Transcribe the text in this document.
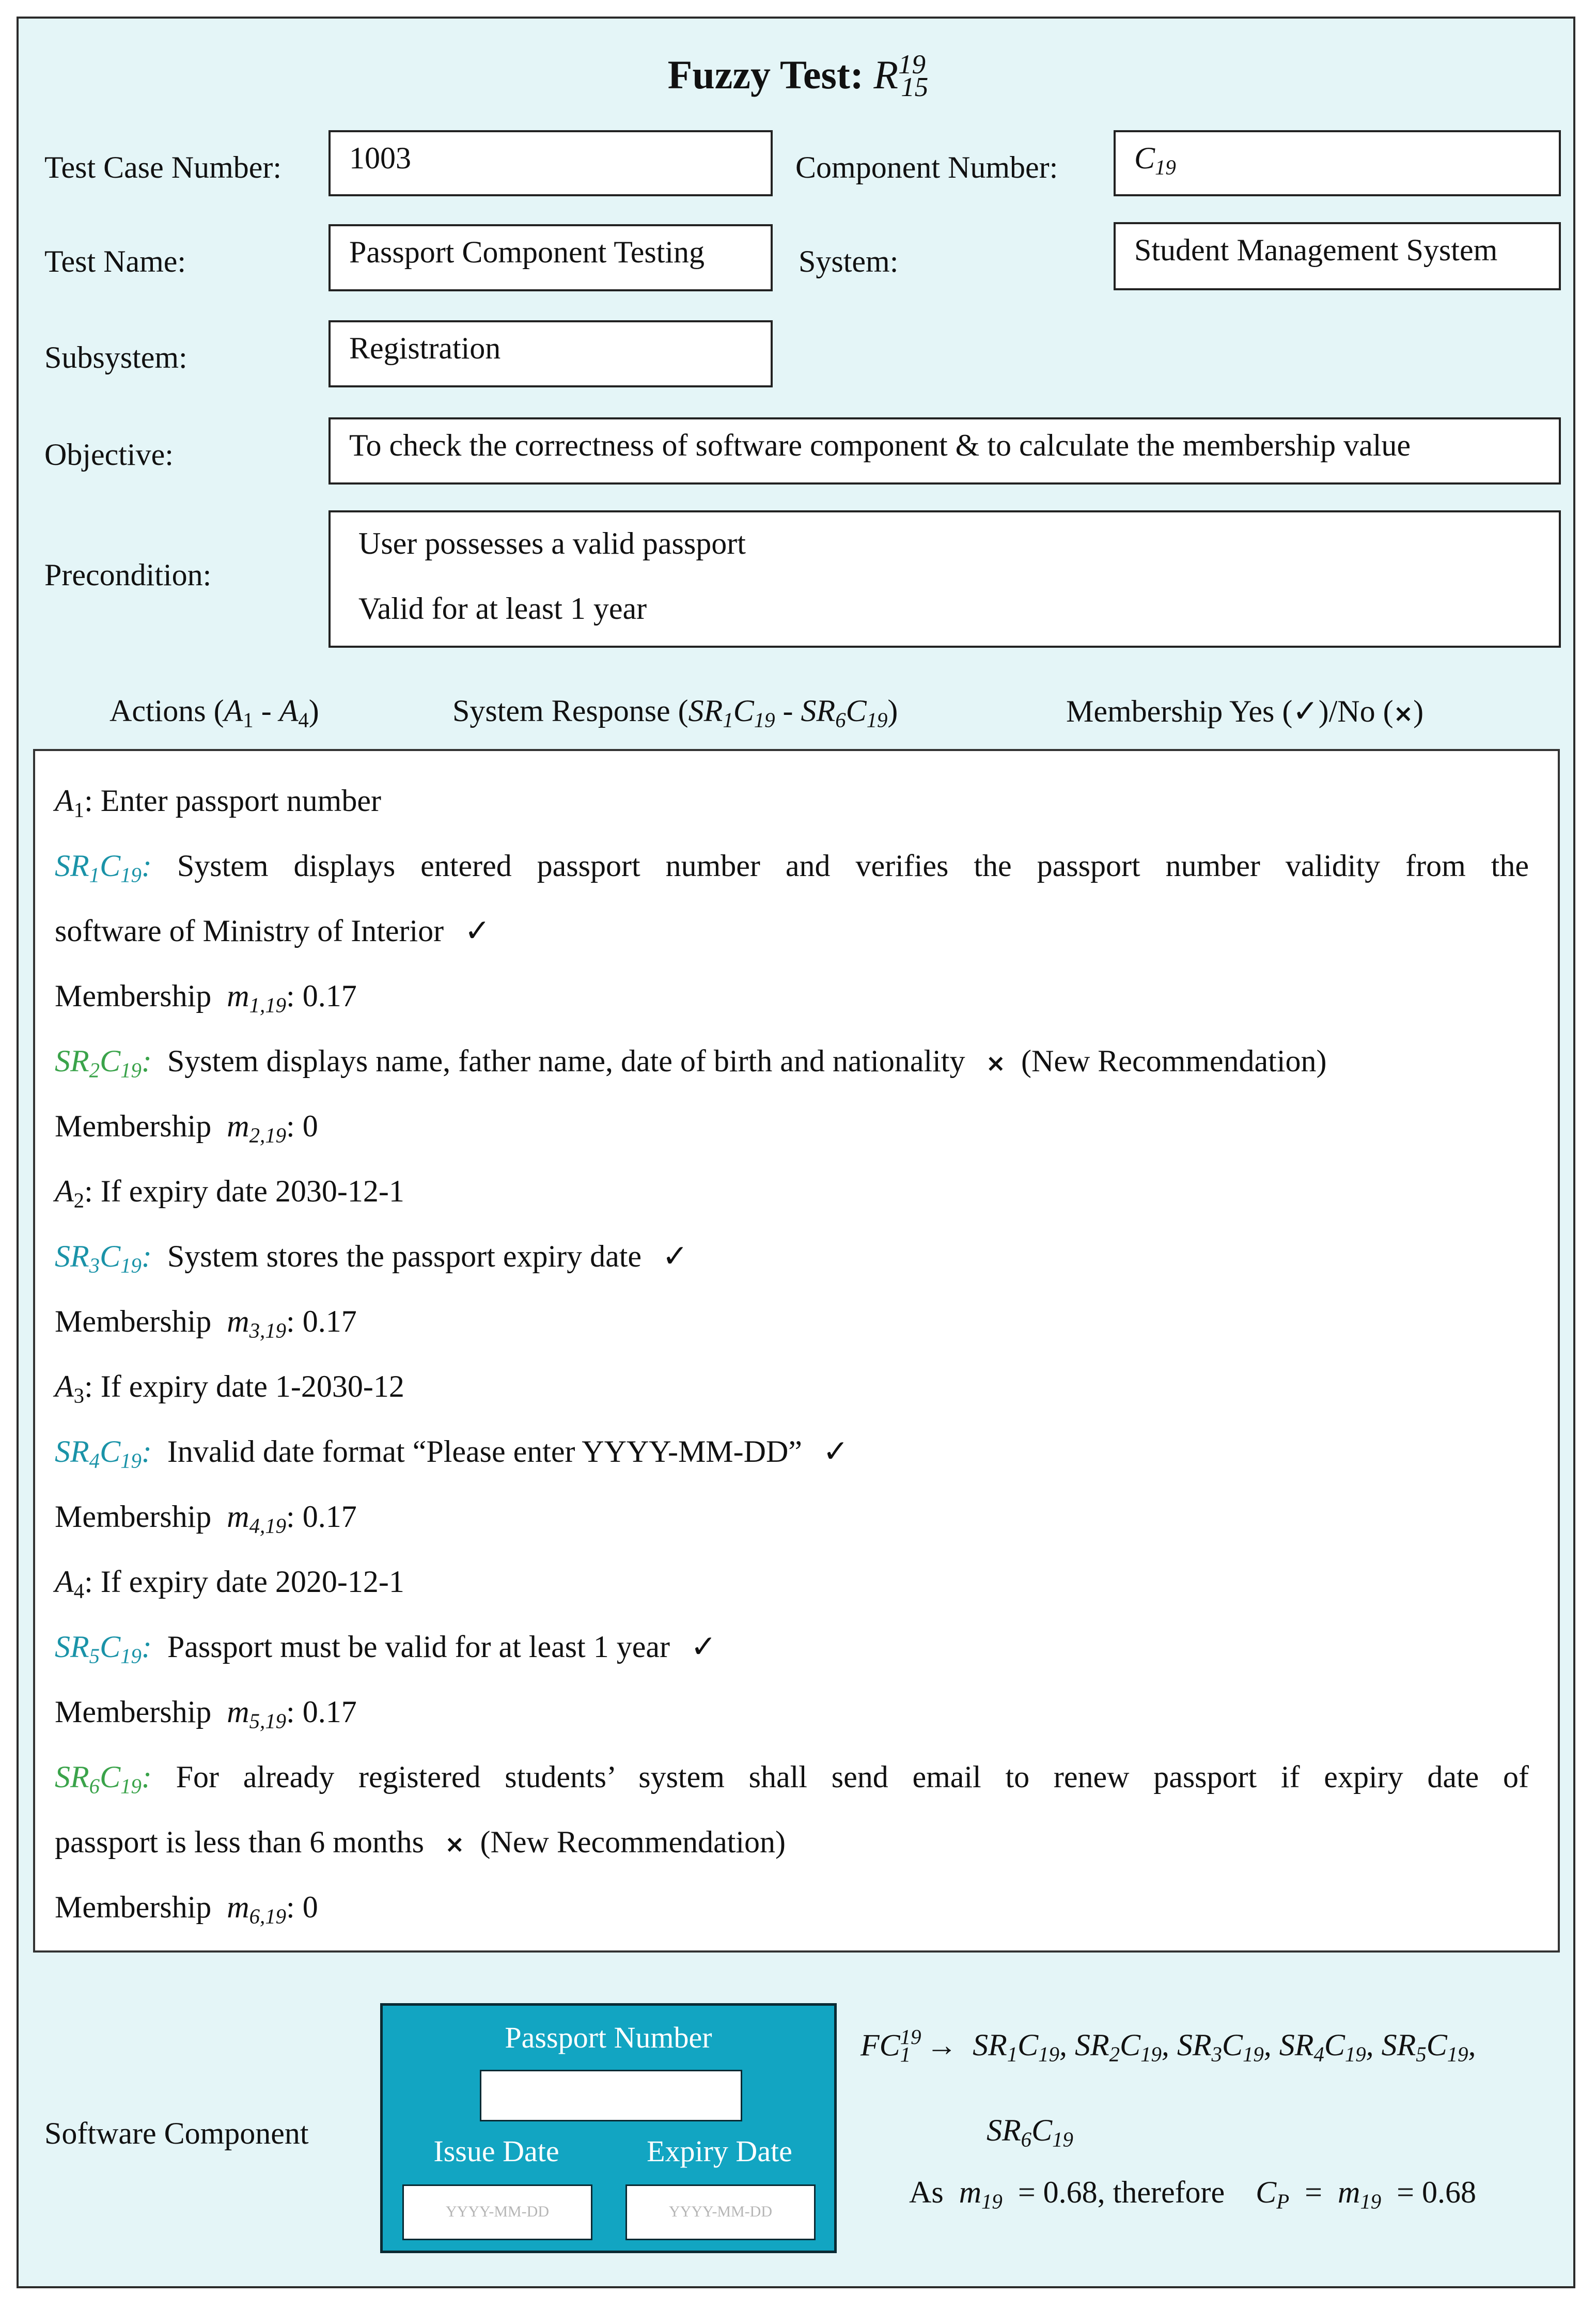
Fuzzy Test: $R^{19}_{15}$
Test Case Number:	1003	Component Number:	$C_{19}$
Test Name:	Passport Component Testing	System:	Student Management System
Subsystem:	Registration
Objective:	To check the correctness of software component & to calculate the membership value
Precondition:
User possesses a valid passport
Valid for at least 1 year
Actions $(A_1 - A_4)$	System Response $(SR_1C_{19} - SR_6C_{19})$	Membership Yes (✓)/No (×)
$A_1$: Enter passport number
$SR_1C_{19}$: System displays entered passport number and verifies the passport number validity from the
software of Ministry of Interior ✓
Membership $m_{1,19}$: 0.17
$SR_2C_{19}$: System displays name, father name, date of birth and nationality × (New Recommendation)
Membership $m_{2,19}$: 0
$A_2$: If expiry date 2030-12-1
$SR_3C_{19}$: System stores the passport expiry date ✓
Membership $m_{3,19}$: 0.17
$A_3$: If expiry date 1-2030-12
$SR_4C_{19}$: Invalid date format “Please enter YYYY-MM-DD” ✓
Membership $m_{4,19}$: 0.17
$A_4$: If expiry date 2020-12-1
$SR_5C_{19}$: Passport must be valid for at least 1 year ✓
Membership $m_{5,19}$: 0.17
$SR_6C_{19}$: For already registered students’ system shall send email to renew passport if expiry date of
passport is less than 6 months × (New Recommendation)
Membership $m_{6,19}$: 0
Software Component
Passport Number
Issue Date	Expiry Date
YYYY-MM-DD	YYYY-MM-DD
$FC^{19}_1 \to SR_1C_{19}$, $SR_2C_{19}$, $SR_3C_{19}$, $SR_4C_{19}$, $SR_5C_{19}$,
$SR_6C_{19}$
As $m_{19} = 0.68$, therefore $C_P = m_{19} = 0.68$
